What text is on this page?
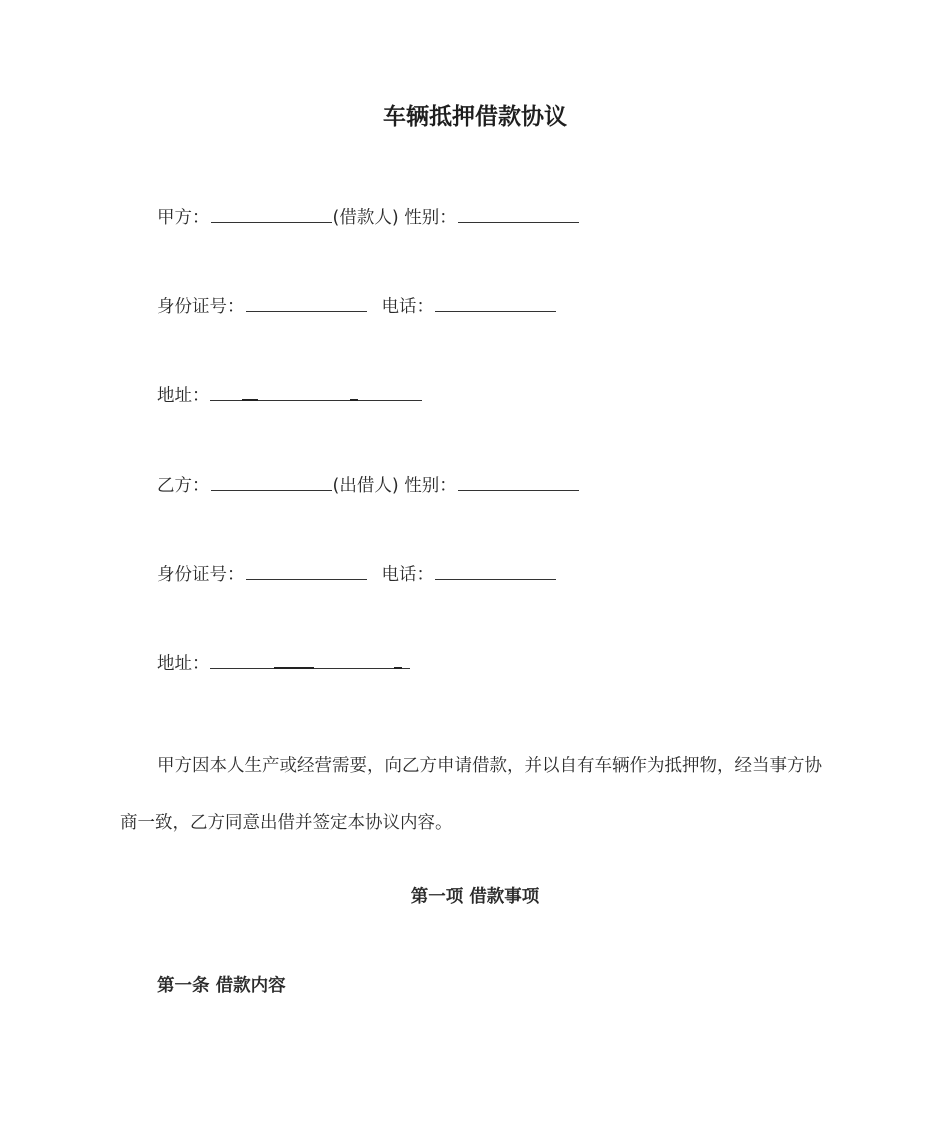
车辆抵押借款协议
甲方：	(借款人) 性别：
身份证号：	电话：
地址：
乙方：	(出借人) 性别：
身份证号：	电话：
地址：
甲方因本人生产或经营需要，向乙方申请借款，并以自有车辆作为抵押物，经当事方协商一致，乙方同意出借并签定本协议内容。
第一项 借款事项
第一条 借款内容
